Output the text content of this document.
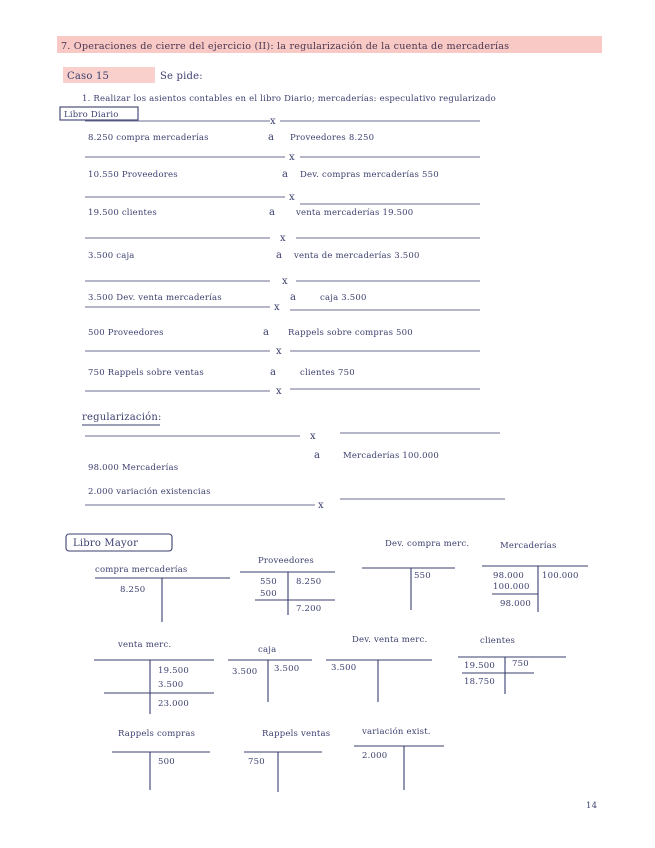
7. Operaciones de cierre del ejercicio (II): la regularización de la cuenta de mercaderías
Caso 15	Se pide:
1. Realizar los asientos contables en el libro Diario; mercaderías: especulativo regularizado
Libro Diario
x
8.250 compra mercaderías	a Proveedores 8.250
x
10.550 Proveedores	a Dev. compras mercaderías 550
x
19.500 clientes	a venta mercaderías 19.500
x
3.500 caja	a venta de mercaderías 3.500
x
3.500 Dev. venta mercaderías	a	caja 3.500
x
500 Proveedores	a Rappels sobre compras 500
x
750 Rappels sobre ventas	a	clientes 750
x
regularización:
x
a	Mercaderías 100.000
98.000 Mercaderías
2.000 variación existencias
x
Libro Mayor
compra mercaderías
8.250
Proveedores
550 8.250
500
7.200
Dev. compra merc.
550
Mercaderías
98.000 100.000
100.000
98.000
venta merc.
19.500
3.500
23.000
caja
3.500 3.500
Dev. venta merc.
3.500
clientes
19.500 750
18.750
Rappels compras
500
Rappels ventas
750
variación exist.
2.000
14
